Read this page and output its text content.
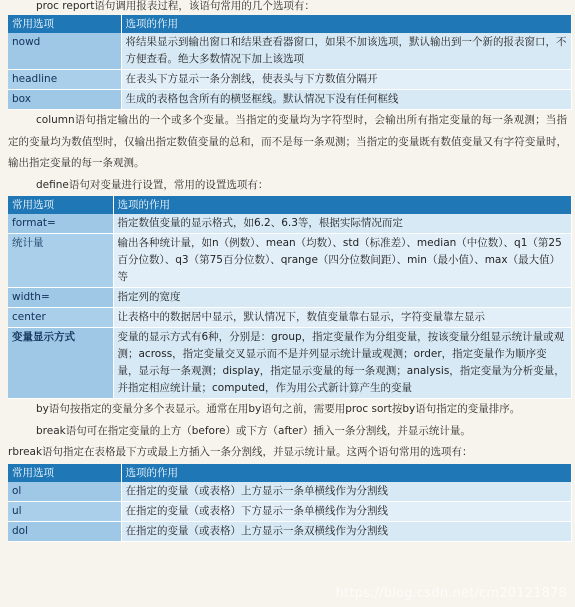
proc report语句调用报表过程，该语句常用的几个选项有：

常用选项	选项的作用
nowd	将结果显示到输出窗口和结果查看器窗口，如果不加该选项，默认输出到一个新的报表窗口，不方便查看。绝大多数情况下加上该选项
headline	在表头下方显示一条分割线，使表头与下方数值分隔开
box	生成的表格包含所有的横竖框线。默认情况下没有任何框线

column语句指定输出的一个或多个变量。当指定的变量均为字符型时，会输出所有指定变量的每一条观测；当指定的变量均为数值型时，仅输出指定数值变量的总和，而不是每一条观测；当指定的变量既有数值变量又有字符变量时，输出指定变量的每一条观测。

define语句对变量进行设置，常用的设置选项有：

常用选项	选项的作用
format=	指定数值变量的显示格式，如6.2、6.3等，根据实际情况而定
统计量	输出各种统计量，如n（例数）、mean（均数）、std（标准差）、median（中位数）、q1（第25百分位数）、q3（第75百分位数）、qrange（四分位数间距）、min（最小值）、max（最大值）等
width=	指定列的宽度
center	让表格中的数据居中显示，默认情况下，数值变量靠右显示，字符变量靠左显示
变量显示方式	变量的显示方式有6种，分别是：group，指定变量作为分组变量，按该变量分组显示统计量或观测；across，指定变量交叉显示而不是并列显示统计量或观测；order，指定变量作为顺序变量，显示每一条观测；display，指定显示变量的每一条观测；analysis，指定变量为分析变量，并指定相应统计量；computed，作为用公式新计算产生的变量

by语句按指定的变量分多个表显示。通常在用by语句之前，需要用proc sort按by语句指定的变量排序。

break语句可在指定变量的上方（before）或下方（after）插入一条分割线，并显示统计量。

rbreak语句指定在表格最下方或最上方插入一条分割线，并显示统计量。这两个语句常用的选项有：

常用选项	选项的作用
ol	在指定的变量（或表格）上方显示一条单横线作为分割线
ul	在指定的变量（或表格）下方显示一条单横线作为分割线
dol	在指定的变量（或表格）上方显示一条双横线作为分割线
https://blog.csdn.net/cm20121878
